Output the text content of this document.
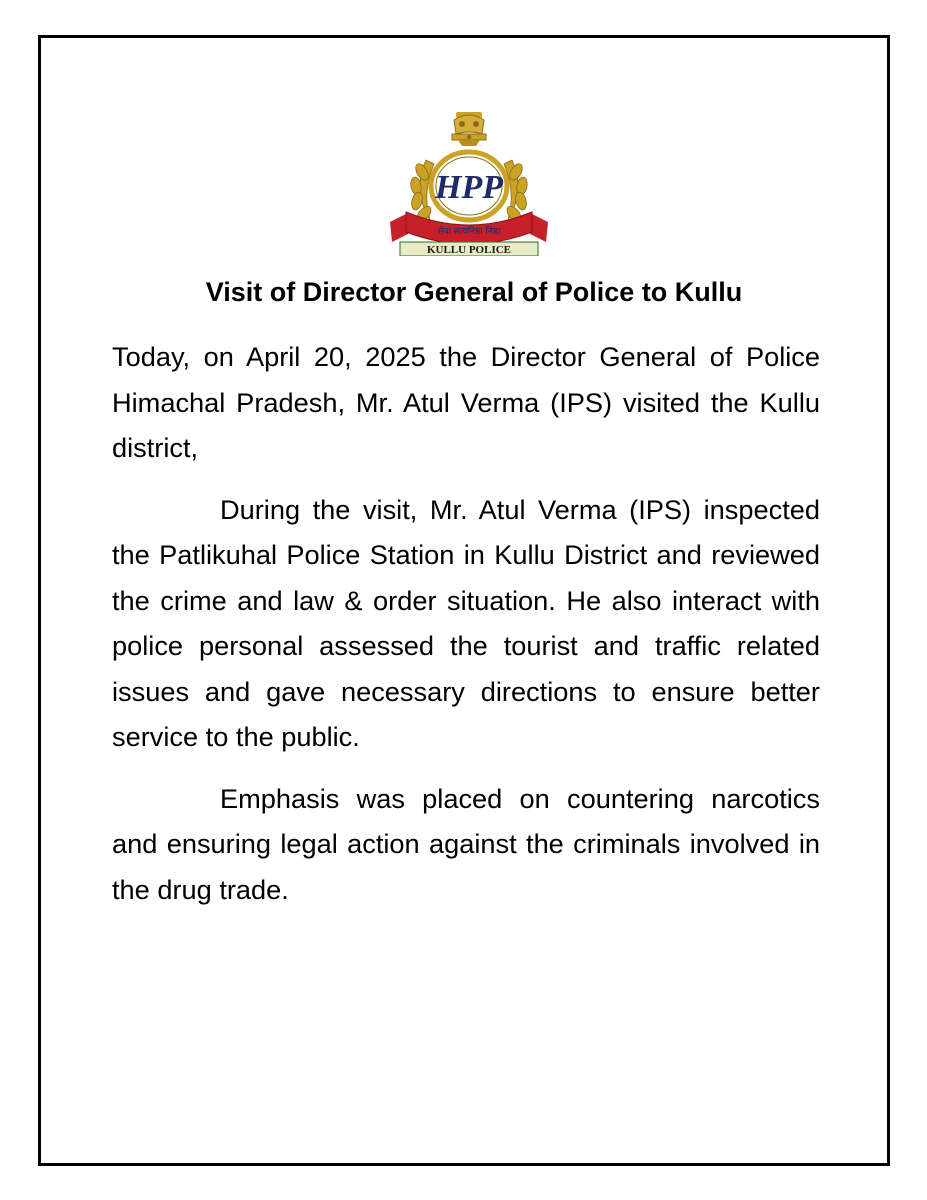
HPP
सेवा सत्यनिष्ठा निष्ठा
KULLU POLICE
Visit of Director General of Police to Kullu

Today, on April 20, 2025 the Director General of Police Himachal Pradesh, Mr. Atul Verma (IPS) visited the Kullu district,

During the visit, Mr. Atul Verma (IPS) inspected the Patlikuhal Police Station in Kullu District and reviewed the crime and law & order situation. He also interact with police personal assessed the tourist and traffic related issues and gave necessary directions to ensure better service to the public.

Emphasis was placed on countering narcotics and ensuring legal action against the criminals involved in the drug trade.
